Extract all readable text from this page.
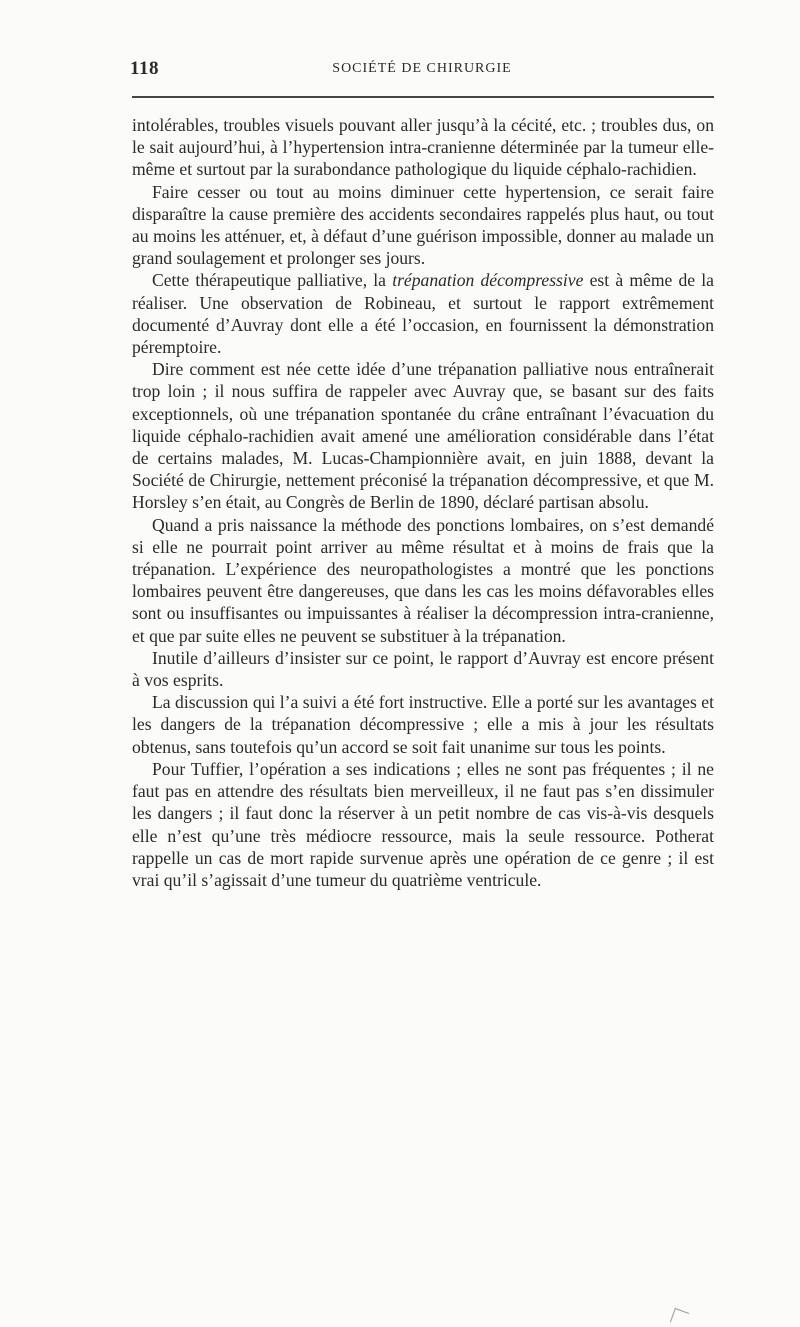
118	SOCIÉTÉ DE CHIRURGIE

intolérables, troubles visuels pouvant aller jusqu’à la cécité, etc. ; troubles dus, on le sait aujourd’hui, à l’hypertension intra-cranienne déterminée par la tumeur elle-même et surtout par la surabondance pathologique du liquide céphalo-rachidien.

Faire cesser ou tout au moins diminuer cette hypertension, ce serait faire disparaître la cause première des accidents secondaires rappelés plus haut, ou tout au moins les atténuer, et, à défaut d’une guérison impossible, donner au malade un grand soulagement et prolonger ses jours.

Cette thérapeutique palliative, la trépanation décompressive est à même de la réaliser. Une observation de Robineau, et surtout le rapport extrêmement documenté d’Auvray dont elle a été l’occasion, en fournissent la démonstration péremptoire.

Dire comment est née cette idée d’une trépanation palliative nous entraînerait trop loin ; il nous suffira de rappeler avec Auvray que, se basant sur des faits exceptionnels, où une trépanation spontanée du crâne entraînant l’évacuation du liquide céphalo-rachidien avait amené une amélioration considérable dans l’état de certains malades, M. Lucas-Championnière avait, en juin 1888, devant la Société de Chirurgie, nettement préconisé la trépanation décompressive, et que M. Horsley s’en était, au Congrès de Berlin de 1890, déclaré partisan absolu.

Quand a pris naissance la méthode des ponctions lombaires, on s’est demandé si elle ne pourrait point arriver au même résultat et à moins de frais que la trépanation. L’expérience des neuropathologistes a montré que les ponctions lombaires peuvent être dangereuses, que dans les cas les moins défavorables elles sont ou insuffisantes ou impuissantes à réaliser la décompression intra-cranienne, et que par suite elles ne peuvent se substituer à la trépanation.

Inutile d’ailleurs d’insister sur ce point, le rapport d’Auvray est encore présent à vos esprits.

La discussion qui l’a suivi a été fort instructive. Elle a porté sur les avantages et les dangers de la trépanation décompressive ; elle a mis à jour les résultats obtenus, sans toutefois qu’un accord se soit fait unanime sur tous les points.

Pour Tuffier, l’opération a ses indications ; elles ne sont pas fréquentes ; il ne faut pas en attendre des résultats bien merveilleux, il ne faut pas s’en dissimuler les dangers ; il faut donc la réserver à un petit nombre de cas vis-à-vis desquels elle n’est qu’une très médiocre ressource, mais la seule ressource. Potherat rappelle un cas de mort rapide survenue après une opération de ce genre ; il est vrai qu’il s’agissait d’une tumeur du quatrième ventricule.
